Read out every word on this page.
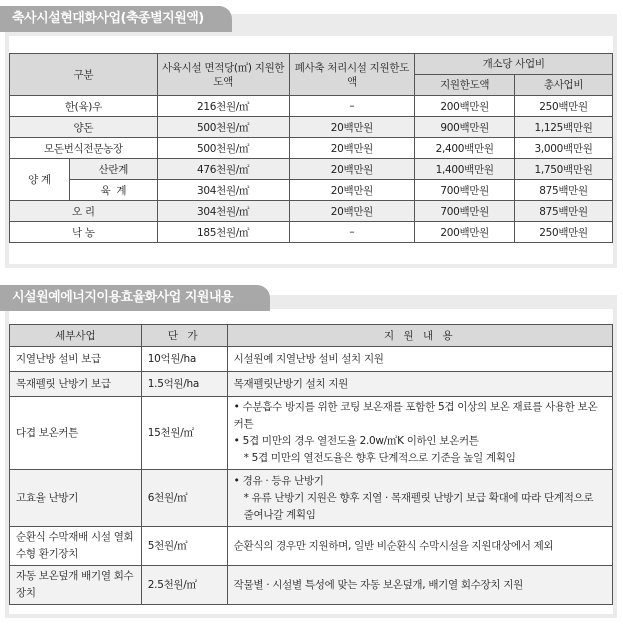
구분		사육시설 면적당(㎡) 지원한도액	폐사축 처리시설 지원한도액	개소당 사업비	
				지원한도액	총사업비
한(육)우		216천원/㎡	–	200백만원	250백만원
양돈		500천원/㎡	20백만원	900백만원	1,125백만원
모돈번식전문농장		500천원/㎡	20백만원	2,400백만원	3,000백만원
양 계	산란계	476천원/㎡	20백만원	1,400백만원	1,750백만원
	육  계	304천원/㎡	20백만원	700백만원	875백만원
오 리		304천원/㎡	20백만원	700백만원	875백만원
낙 농		185천원/㎡	–	200백만원	250백만원
축사시설현대화사업(축종별지원액)
세부사업	단 가	지 원 내 용
지열난방 설비 보급	10억원/ha	시설원예 지열난방 설비 설치 지원
목재펠릿 난방기 보급	1.5억원/ha	목재펠릿난방기 설치 지원
다겹 보온커튼	15천원/㎡	• 수분흡수 방지를 위한 코팅 보온재를 포함한 5겹 이상의 보온 재료를 사용한 보온커튼
• 5겹 미만의 경우 열전도율 2.0w/㎡K 이하인 보온커튼
* 5겹 미만의 열전도율은 향후 단계적으로 기준을 높일 계획임

고효율 난방기	6천원/㎡	• 경유 · 등유 난방기
* 유류 난방기 지원은 향후 지열 · 목재펠릿 난방기 보급 확대에 따라 단계적으로 줄여나갈 계획임

순환식 수막재배 시설 열회수형 환기장치	5천원/㎡	순환식의 경우만 지원하며, 일반 비순환식 수막시설을 지원대상에서 제외
자동 보온덮개 배기열 회수장치	2.5천원/㎡	작물별 · 시설별 특성에 맞는 자동 보온덮개, 배기열 회수장치 지원
시설원예에너지이용효율화사업 지원내용
